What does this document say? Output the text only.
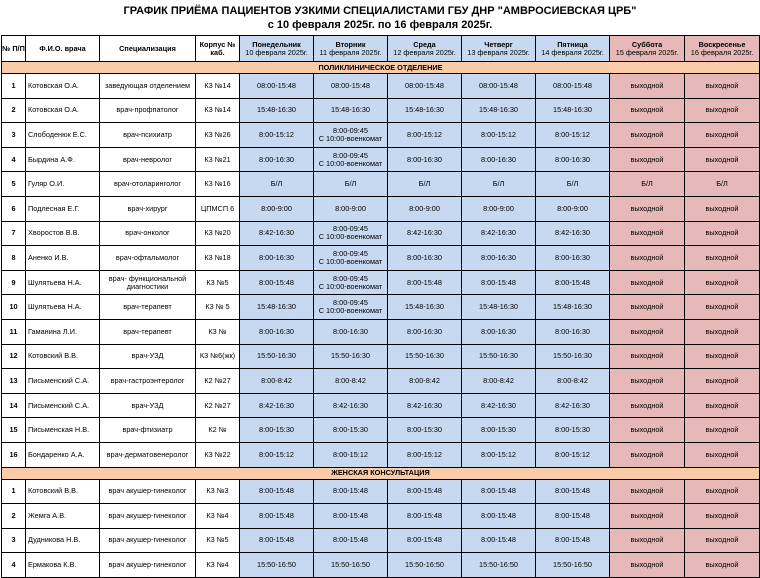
ГРАФИК ПРИЁМА ПАЦИЕНТОВ УЗКИМИ СПЕЦИАЛИСТАМИ ГБУ ДНР "АМВРОСИЕВСКАЯ ЦРБ"
с 10 февраля 2025г. по 16 февраля 2025г.
№ П/П	Ф.И.О. врача	Специализация	Корпус № каб.	Понедельник
10 февраля 2025г.	Вторник
11 февраля 2025г.	Среда
12 февраля 2025г.	Четверг
13 февраля 2025г.	Пятница
14 февраля 2025г.	Суббота
15 февраля 2025г.	Воскресенье
16 февраля 2025г.

ПОЛИКЛИНИЧЕСКОЕ ОТДЕЛЕНИЕ										
1	Котовская О.А.	заведующая отделением	К3 №14	08:00-15:48	08:00-15:48	08:00-15:48	08:00-15:48	08:00-15:48	выходной	выходной
2	Котовская О.А.	врач-профпатолог	К3 №14	15:48-16:30	15:48-16:30	15:48-16:30	15:48-16:30	15:48-16:30	выходной	выходной
3	Слободенюк Е.С.	врач-психиатр	К3 №26	8:00-15:12	8:00-09:45
С 10:00-военкомат	8:00-15:12	8:00-15:12	8:00-15:12	выходной	выходной
4	Бырдина А.Ф.	врач-невролог	К3 №21	8:00-16:30	8:00-09:45
С 10:00-военкомат	8:00-16:30	8:00-16:30	8:00-16:30	выходной	выходной
5	Гуляр О.И.	врач-отоларинголог	К3 №16	Б/Л	Б/Л	Б/Л	Б/Л	Б/Л	Б/Л	Б/Л
6	Подлесная Е.Г.	врач-хирург	ЦПМСП 6	8:00-9:00	8:00-9:00	8:00-9:00	8:00-9:00	8:00-9:00	выходной	выходной
7	Хворостов В.В.	врач-онколог	К3 №20	8:42-16:30	8:00-09:45
С 10:00-военкомат	8:42-16:30	8:42-16:30	8:42-16:30	выходной	выходной
8	Аненко И.В.	врач-офтальмолог	К3 №18	8:00-16:30	8:00-09:45
С 10:00-военкомат	8:00-16:30	8:00-16:30	8:00-16:30	выходной	выходной
9	Шулятьева Н.А.	врач- функциональной
диагностики	К3 №5	8:00-15:48	8:00-09:45
С 10:00-военкомат	8:00-15:48	8:00-15:48	8:00-15:48	выходной	выходной
10	Шулятьева Н.А.	врач-терапевт	К3 № 5	15:48-16:30	8:00-09:45
С 10:00-военкомат	15:48-16:30	15:48-16:30	15:48-16:30	выходной	выходной
11	Гаманина Л.И.	врач-терапевт	К3 №	8:00-16:30	8:00-16:30	8:00-16:30	8:00-16:30	8:00-16:30	выходной	выходной
12	Котовский В.В.	врач-УЗД	К3 №6(жк)	15:50-16:30	15:50-16:30	15:50-16:30	15:50-16:30	15:50-16:30	выходной	выходной
13	Письменский С.А.	врач-гастроэнтеролог	К2 №27	8:00-8:42	8:00-8:42	8:00-8:42	8:00-8:42	8:00-8:42	выходной	выходной
14	Письменский С.А.	врач-УЗД	К2 №27	8:42-16:30	8:42-16:30	8:42-16:30	8:42-16:30	8:42-16:30	выходной	выходной
15	Письменская Н.В.	врач-фтизиатр	К2 №	8:00-15:30	8:00-15:30	8:00-15:30	8:00-15:30	8:00-15:30	выходной	выходной
16	Бондаренко А.А.	врач-дерматовенеролог	К3 №22	8:00-15:12	8:00-15:12	8:00-15:12	8:00-15:12	8:00-15:12	выходной	выходной
ЖЕНСКАЯ КОНСУЛЬТАЦИЯ										
1	Котовский В.В.	врач акушер-гинеколог	К3 №3	8:00-15:48	8:00-15:48	8:00-15:48	8:00-15:48	8:00-15:48	выходной	выходной
2	Жемга А.В.	врач акушер-гинеколог	К3 №4	8:00-15:48	8:00-15:48	8:00-15:48	8:00-15:48	8:00-15:48	выходной	выходной
3	Дудникова Н.В.	врач акушер-гинеколог	К3 №5	8:00-15:48	8:00-15:48	8:00-15:48	8:00-15:48	8:00-15:48	выходной	выходной
4	Ермакова К.В.	врач акушер-гинеколог	К3 №4	15:50-16:50	15:50-16:50	15:50-16:50	15:50-16:50	15:50-16:50	выходной	выходной
